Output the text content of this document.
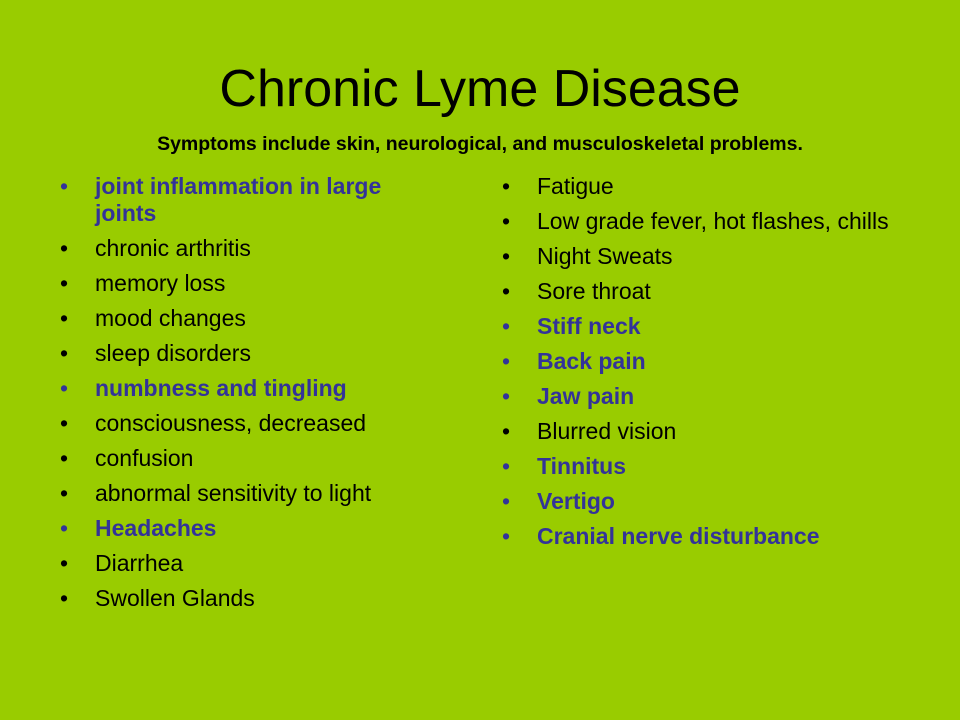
Chronic Lyme Disease
Symptoms include skin, neurological, and musculoskeletal problems.
• joint inflammation in large joints
• chronic arthritis
• memory loss
• mood changes
• sleep disorders
• numbness and tingling
• consciousness, decreased
• confusion
• abnormal sensitivity to light
• Headaches
• Diarrhea
• Swollen Glands
• Fatigue
• Low grade fever, hot flashes, chills
• Night Sweats
• Sore throat
• Stiff neck
• Back pain
• Jaw pain
• Blurred vision
• Tinnitus
• Vertigo
• Cranial nerve disturbance
